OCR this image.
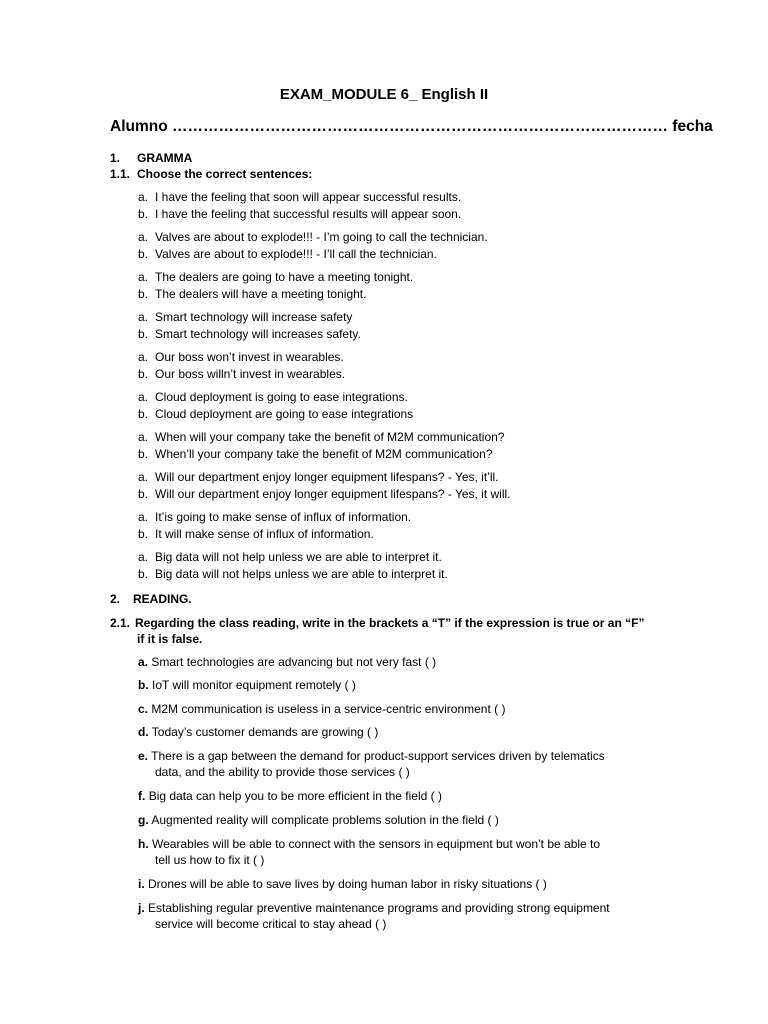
EXAM_MODULE 6_ English II
Alumno …………………………………………………………………………………… fecha
1. GRAMMA
1.1. Choose the correct sentences:
a. I have the feeling that soon will appear successful results.
b. I have the feeling that successful results will appear soon.
a. Valves are about to explode!!! - I’m going to call the technician.
b. Valves are about to explode!!! - I’ll call the technician.
a. The dealers are going to have a meeting tonight.
b. The dealers will have a meeting tonight.
a. Smart technology will increase safety
b. Smart technology will increases safety.
a. Our boss won’t invest in wearables.
b. Our boss willn’t invest in wearables.
a. Cloud deployment is going to ease integrations.
b. Cloud deployment are going to ease integrations
a. When will your company take the benefit of M2M communication?
b. When’ll your company take the benefit of M2M communication?
a. Will our department enjoy longer equipment lifespans? - Yes, it’ll.
b. Will our department enjoy longer equipment lifespans? - Yes, it will.
a. It’is going to make sense of influx of information.
b. It will make sense of influx of information.
a. Big data will not help unless we are able to interpret it.
b. Big data will not helps unless we are able to interpret it.
2. READING.
2.1. Regarding the class reading, write in the brackets a “T” if the expression is true or an “F”
if it is false.
a. Smart technologies are advancing but not very fast ( )
b. IoT will monitor equipment remotely ( )
c. M2M communication is useless in a service-centric environment ( )
d. Today’s customer demands are growing ( )
e. There is a gap between the demand for product-support services driven by telematics
data, and the ability to provide those services ( )
f. Big data can help you to be more efficient in the field ( )
g. Augmented reality will complicate problems solution in the field ( )
h. Wearables will be able to connect with the sensors in equipment but won’t be able to
tell us how to fix it ( )
i. Drones will be able to save lives by doing human labor in risky situations ( )
j. Establishing regular preventive maintenance programs and providing strong equipment
service will become critical to stay ahead ( )
